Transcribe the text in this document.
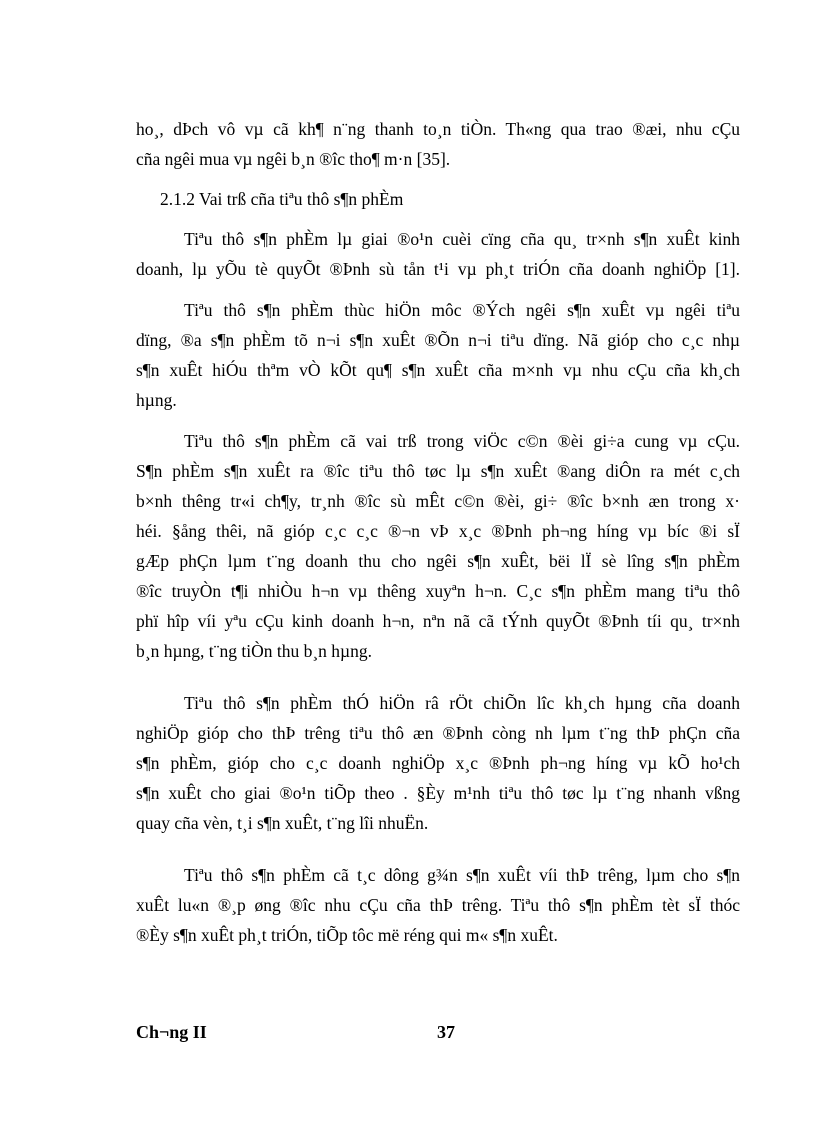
ho¸, dÞch vô vµ cã kh¶ n¨ng thanh to¸n tiÒn. Th«ng qua trao ®æi, nhu cÇu
cña ngêi mua vµ ngêi b¸n ®îc tho¶ m·n [35].
2.1.2 Vai trß cña tiªu thô s¶n phÈm
Tiªu thô s¶n phÈm lµ giai ®o¹n cuèi cïng cña qu¸ tr×nh s¶n xuÊt kinh
doanh, lµ yÕu tè quyÕt ®Þnh sù tån t¹i vµ ph¸t triÓn cña doanh nghiÖp [1].
Tiªu thô s¶n phÈm thùc hiÖn môc ®Ých ngêi s¶n xuÊt vµ ngêi tiªu
dïng, ®a s¶n phÈm tõ n¬i s¶n xuÊt ®Õn n¬i tiªu dïng. Nã gióp cho c¸c nhµ
s¶n xuÊt hiÓu thªm vÒ kÕt qu¶ s¶n xuÊt cña m×nh vµ nhu cÇu cña kh¸ch
hµng.
Tiªu thô s¶n phÈm cã vai trß trong viÖc c©n ®èi gi÷a cung vµ cÇu.
S¶n phÈm s¶n xuÊt ra ®îc tiªu thô tøc lµ s¶n xuÊt ®ang diÔn ra mét c¸ch
b×nh thêng tr«i ch¶y, tr¸nh ®îc sù mÊt c©n ®èi, gi÷ ®îc b×nh æn trong x·
héi. §ång thêi, nã gióp c¸c c¸c ®¬n vÞ x¸c ®Þnh ph¬ng híng vµ bíc ®i sÏ
gÆp phÇn lµm t¨ng doanh thu cho ngêi s¶n xuÊt, bëi lÏ sè lîng s¶n phÈm
®îc truyÒn t¶i nhiÒu h¬n vµ thêng xuyªn h¬n. C¸c s¶n phÈm mang tiªu thô
phï hîp víi yªu cÇu kinh doanh h¬n, nªn nã cã tÝnh quyÕt ®Þnh tíi qu¸ tr×nh
b¸n hµng, t¨ng tiÒn thu b¸n hµng.
Tiªu thô s¶n phÈm thÓ hiÖn râ rÖt chiÕn lîc kh¸ch hµng cña doanh
nghiÖp gióp cho thÞ trêng tiªu thô æn ®Þnh còng nh lµm t¨ng thÞ phÇn cña
s¶n phÈm, gióp cho c¸c doanh nghiÖp x¸c ®Þnh ph¬ng híng vµ kÕ ho¹ch
s¶n xuÊt cho giai ®o¹n tiÕp theo . §Èy m¹nh tiªu thô tøc lµ t¨ng nhanh vßng
quay cña vèn, t¸i s¶n xuÊt, t¨ng lîi nhuËn.
Tiªu thô s¶n phÈm cã t¸c dông g¾n s¶n xuÊt víi thÞ trêng, lµm cho s¶n
xuÊt lu«n ®¸p øng ®îc nhu cÇu cña thÞ trêng. Tiªu thô s¶n phÈm tèt sÏ thóc
®Èy s¶n xuÊt ph¸t triÓn, tiÕp tôc më réng qui m« s¶n xuÊt.
Ch¬ng II	37
